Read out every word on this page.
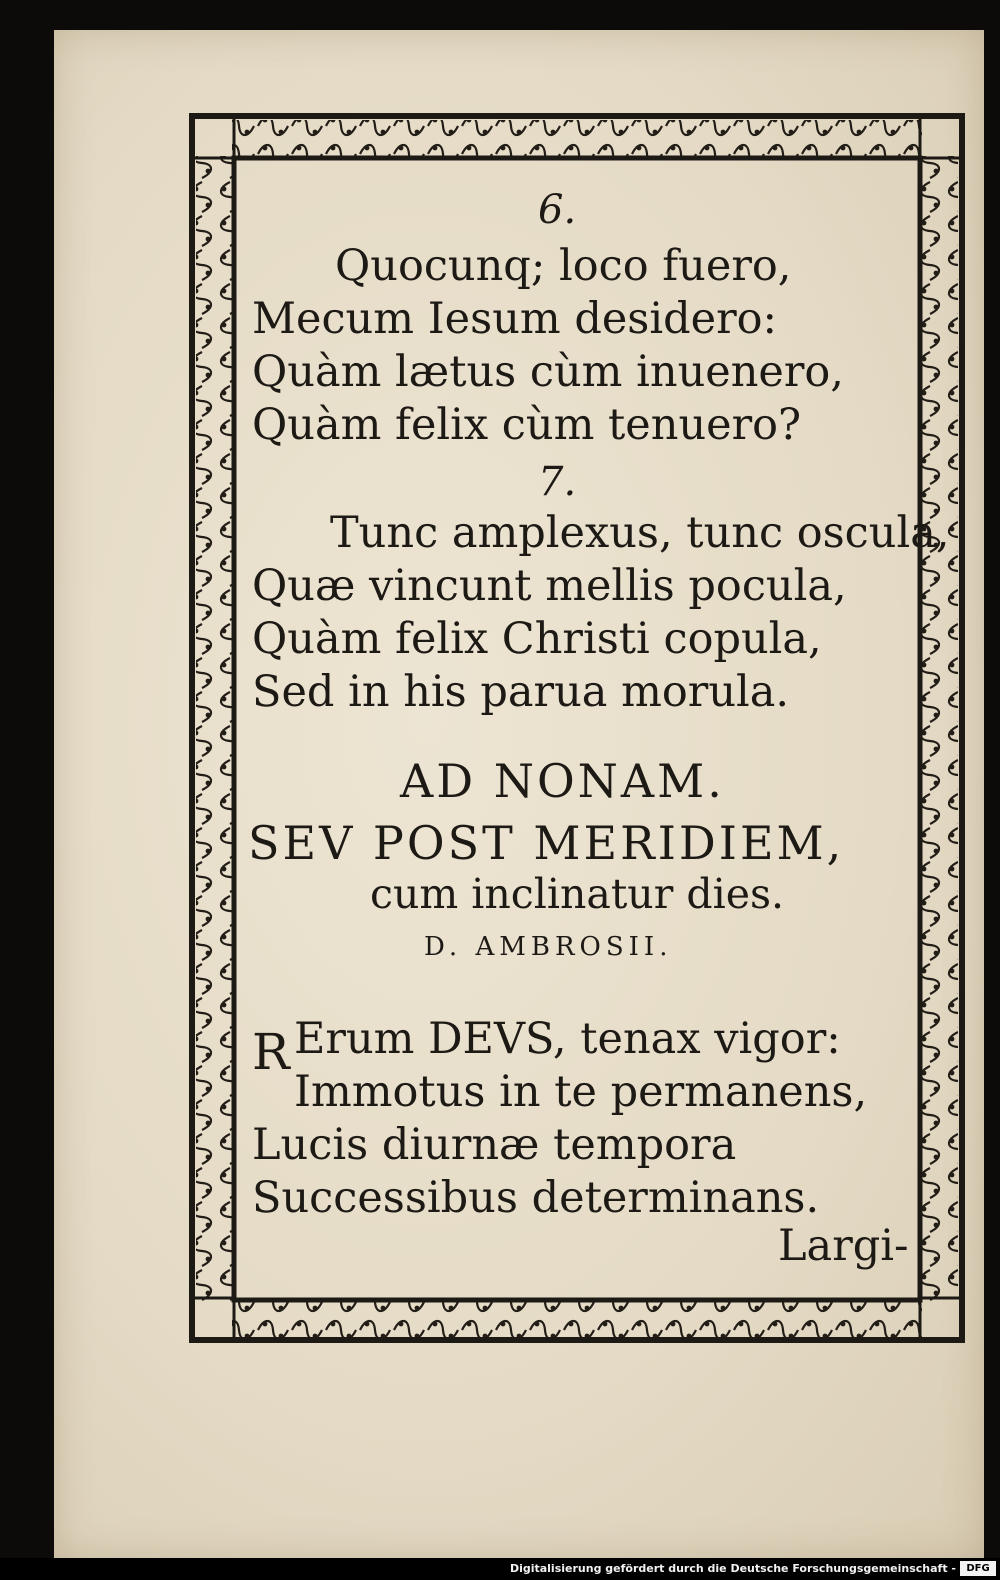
6.
Quocunq; loco fuero,
Mecum Iesum desidero:
Quàm lætus cùm inuenero,
Quàm felix cùm tenuero?
7.
Tunc amplexus, tunc oscula,
Quæ vincunt mellis pocula,
Quàm felix Christi copula,
Sed in his parua morula.
AD NONAM.
SEV POST MERIDIEM,
cum inclinatur dies.
D. AMBROSII.
R Erum DEVS, tenax vigor:
Immotus in te permanens,
Lucis diurnæ tempora
Successibus determinans.
Largi-
Digitalisierung gefördert durch die Deutsche Forschungsgemeinschaft -	DFG
